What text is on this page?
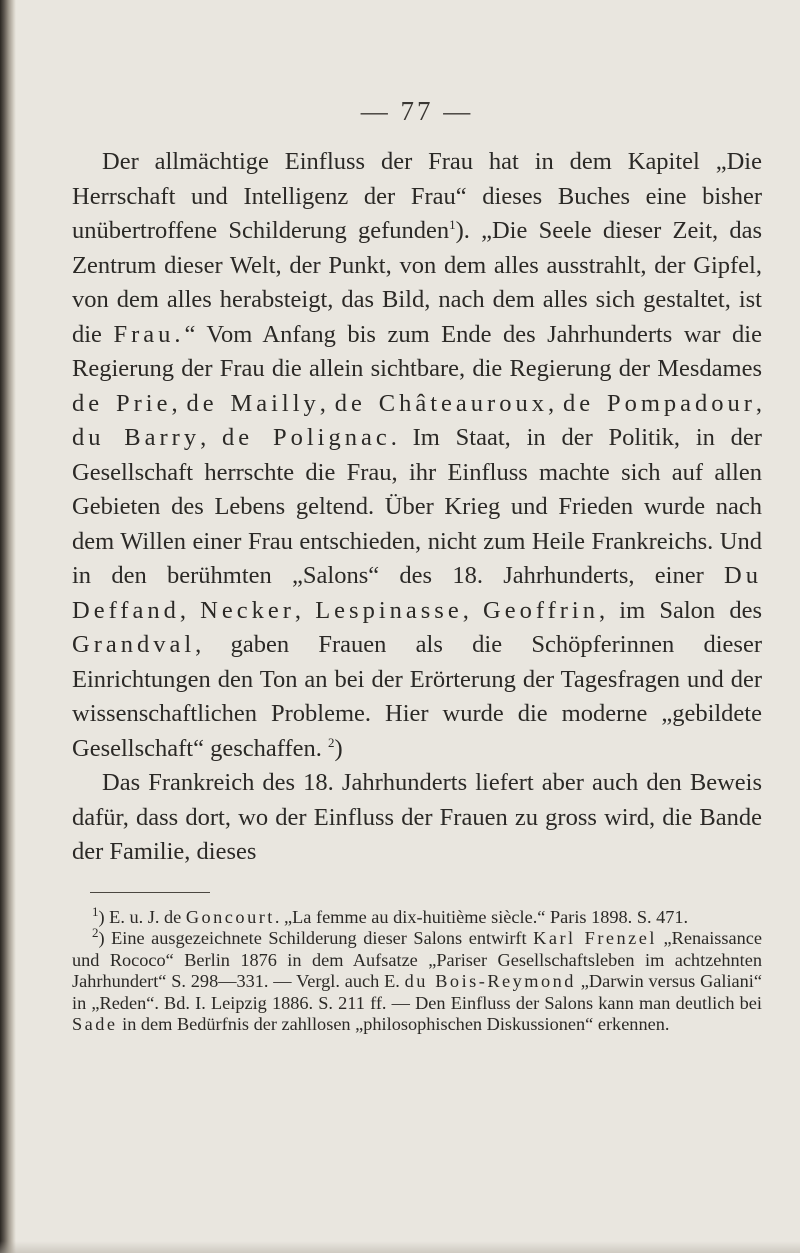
— 77 —

Der allmächtige Einfluss der Frau hat in dem Kapitel „Die Herrschaft und Intelligenz der Frau“ dieses Buches eine bisher unübertroffene Schilderung gefunden$^1$). „Die Seele dieser Zeit, das Zentrum dieser Welt, der Punkt, von dem alles ausstrahlt, der Gipfel, von dem alles herabsteigt, das Bild, nach dem alles sich gestaltet, ist die Frau.“ Vom Anfang bis zum Ende des Jahrhunderts war die Regierung der Frau die allein sichtbare, die Regierung der Mesdames de Prie, de Mailly, de Châteauroux, de Pompadour, du Barry, de Polignac. Im Staat, in der Politik, in der Gesellschaft herrschte die Frau, ihr Einfluss machte sich auf allen Gebieten des Lebens geltend. Über Krieg und Frieden wurde nach dem Willen einer Frau entschieden, nicht zum Heile Frankreichs. Und in den berühmten „Salons“ des 18. Jahrhunderts, einer Du Deffand, Necker, Lespinasse, Geoffrin, im Salon des Grandval, gaben Frauen als die Schöpferinnen dieser Einrichtungen den Ton an bei der Erörterung der Tagesfragen und der wissenschaftlichen Probleme. Hier wurde die moderne „gebildete Gesellschaft“ geschaffen. $^2$)

Das Frankreich des 18. Jahrhunderts liefert aber auch den Beweis dafür, dass dort, wo der Einfluss der Frauen zu gross wird, die Bande der Familie, dieses

$^1$) E. u. J. de Goncourt. „La femme au dix-huitième siècle.“ Paris 1898. S. 471.

$^2$) Eine ausgezeichnete Schilderung dieser Salons entwirft Karl Frenzel „Renaissance und Rococo“ Berlin 1876 in dem Aufsatze „Pariser Gesellschaftsleben im achtzehnten Jahrhundert“ S. 298—331. — Vergl. auch E. du Bois-Reymond „Darwin versus Galiani“ in „Reden“. Bd. I. Leipzig 1886. S. 211 ff. — Den Einfluss der Salons kann man deutlich bei Sade in dem Bedürfnis der zahllosen „philosophischen Diskussionen“ erkennen.
